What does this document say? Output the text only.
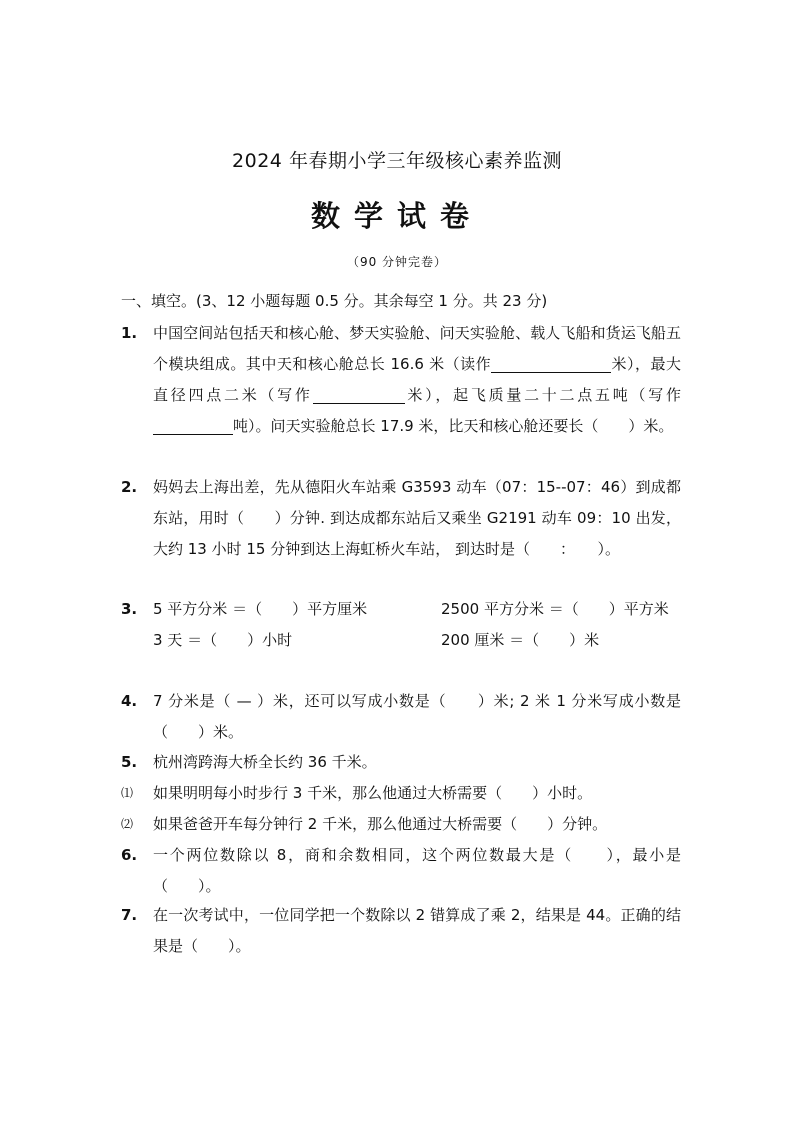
2024 年春期小学三年级核心素养监测
数学试卷
（90 分钟完卷）
一、填空。(3、12 小题每题 0.5 分。其余每空 1 分。共 23 分)
1.	中国空间站包括天和核心舱、梦天实验舱、问天实验舱、载人飞船和货运飞船五个模块组成。其中天和核心舱总长 16.6 米（读作	米），最大直径四点二米（写作	米），起飞质量二十二点五吨（写作吨）。问天实验舱总长 17.9 米，比天和核心舱还要长（　　）米。
2.	妈妈去上海出差，先从德阳火车站乘 G3593 动车（07：15--07：46）到成都东站，用时（　　）分钟. 到达成都东站后又乘坐 G2191 动车 09：10 出发，大约 13 小时 15 分钟到达上海虹桥火车站， 到达时是（　　：　　）。
3.	5 平方分米 ＝（　　）平方厘米	2500 平方分米 ＝（　　）平方米
3 天 ＝（　　）小时	200 厘米 ＝（　　）米
4.	7 分米是（ — ）米，还可以写成小数是（　　）米; 2 米 1 分米写成小数是（　　）米。
5.	杭州湾跨海大桥全长约 36 千米。
⑴	如果明明每小时步行 3 千米，那么他通过大桥需要（　　）小时。
⑵	如果爸爸开车每分钟行 2 千米，那么他通过大桥需要（　　）分钟。
6.	一个两位数除以 8，商和余数相同，这个两位数最大是（　　），最小是（　　）。
7.	在一次考试中，一位同学把一个数除以 2 错算成了乘 2，结果是 44。正确的结果是（　　）。
